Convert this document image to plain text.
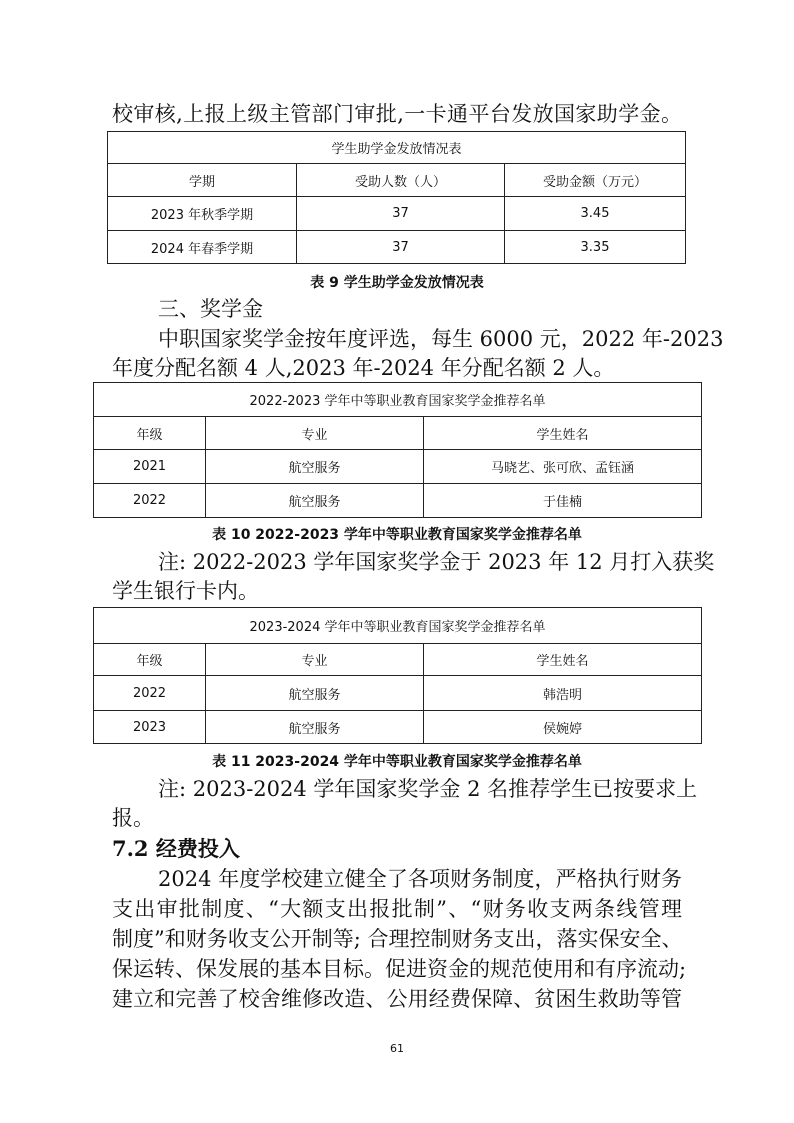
校审核,上报上级主管部门审批,一卡通平台发放国家助学金。
学生助学金发放情况表		
学期	受助人数（人）	受助金额（万元）
2023 年秋季学期	37	3.45
2024 年春季学期	37	3.35
表 9 学生助学金发放情况表
三、奖学金
中职国家奖学金按年度评选，每生 6000 元，2022 年-2023
年度分配名额 4 人,2023 年-2024 年分配名额 2 人。
2022-2023 学年中等职业教育国家奖学金推荐名单		
年级	专业	学生姓名
2021	航空服务	马晓艺、张可欣、孟钰涵
2022	航空服务	于佳楠
表 10 2022-2023 学年中等职业教育国家奖学金推荐名单
注: 2022-2023 学年国家奖学金于 2023 年 12 月打入获奖
学生银行卡内。
2023-2024 学年中等职业教育国家奖学金推荐名单		
年级	专业	学生姓名
2022	航空服务	韩浩明
2023	航空服务	侯婉婷
表 11 2023-2024 学年中等职业教育国家奖学金推荐名单
注: 2023-2024 学年国家奖学金 2 名推荐学生已按要求上
报。
7.2 经费投入
2024 年度学校建立健全了各项财务制度，严格执行财务
支出审批制度、“大额支出报批制”、“财务收支两条线管理
制度”和财务收支公开制等; 合理控制财务支出，落实保安全、
保运转、保发展的基本目标。促进资金的规范使用和有序流动;
建立和完善了校舍维修改造、公用经费保障、贫困生救助等管
61
